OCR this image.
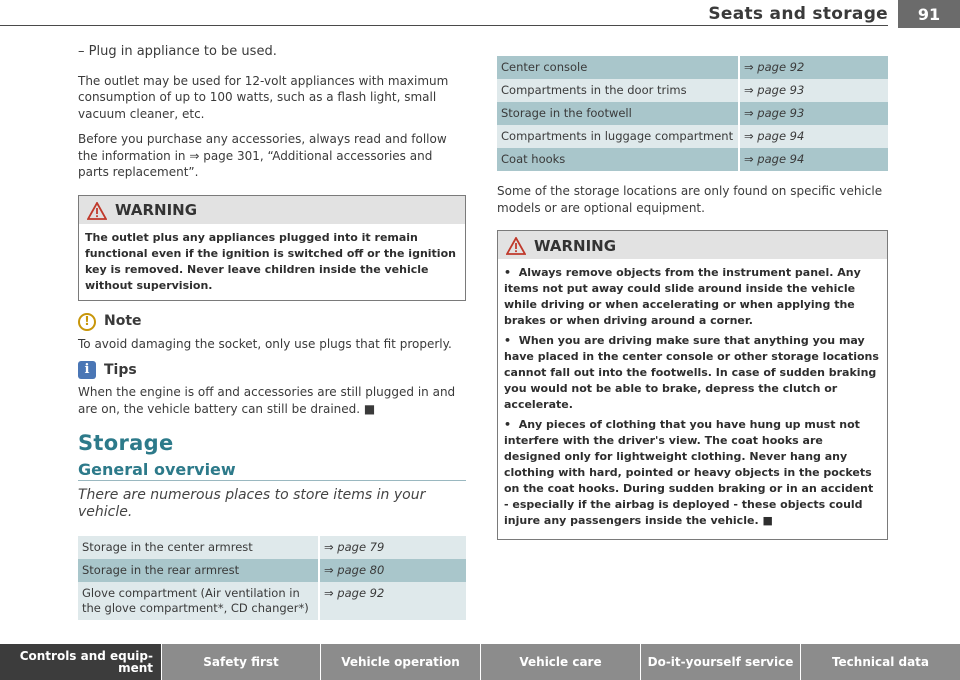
Seats and storage	91

– Plug in appliance to be used.

The outlet may be used for 12-volt appliances with maximum consumption of up to 100 watts, such as a flash light, small vacuum cleaner, etc.

Before you purchase any accessories, always read and follow the information in ⇒ page 301, “Additional accessories and parts replacement”.

WARNING
The outlet plus any appliances plugged into it remain functional even if the ignition is switched off or the ignition key is removed. Never leave children inside the vehicle without supervision.
!	Note

To avoid damaging the socket, only use plugs that fit properly.

i	Tips

When the engine is off and accessories are still plugged in and are on, the vehicle battery can still be drained. ■

Storage
General overview
There are numerous places to store items in your vehicle.
Storage in the center armrest	⇒ page 79
Storage in the rear armrest	⇒ page 80
Glove compartment (Air ventilation in the glove compartment*, CD changer*)	⇒ page 92
Center console	⇒ page 92
Compartments in the door trims	⇒ page 93
Storage in the footwell	⇒ page 93
Compartments in luggage compartment	⇒ page 94
Coat hooks	⇒ page 94

Some of the storage locations are only found on specific vehicle models or are optional equipment.

WARNING

•  Always remove objects from the instrument panel. Any items not put away could slide around inside the vehicle while driving or when accelerating or when applying the brakes or when driving around a corner.

•  When you are driving make sure that anything you may have placed in the center console or other storage locations cannot fall out into the footwells. In case of sudden braking you would not be able to brake, depress the clutch or accelerate.

•  Any pieces of clothing that you have hung up must not interfere with the driver's view. The coat hooks are designed only for lightweight clothing. Never hang any clothing with hard, pointed or heavy objects in the pockets on the coat hooks. During sudden braking or in an accident - especially if the airbag is deployed - these objects could injure any passengers inside the vehicle. ■

Controls and equip-ment	Safety first	Vehicle operation	Vehicle care	Do-it-yourself service	Technical data
